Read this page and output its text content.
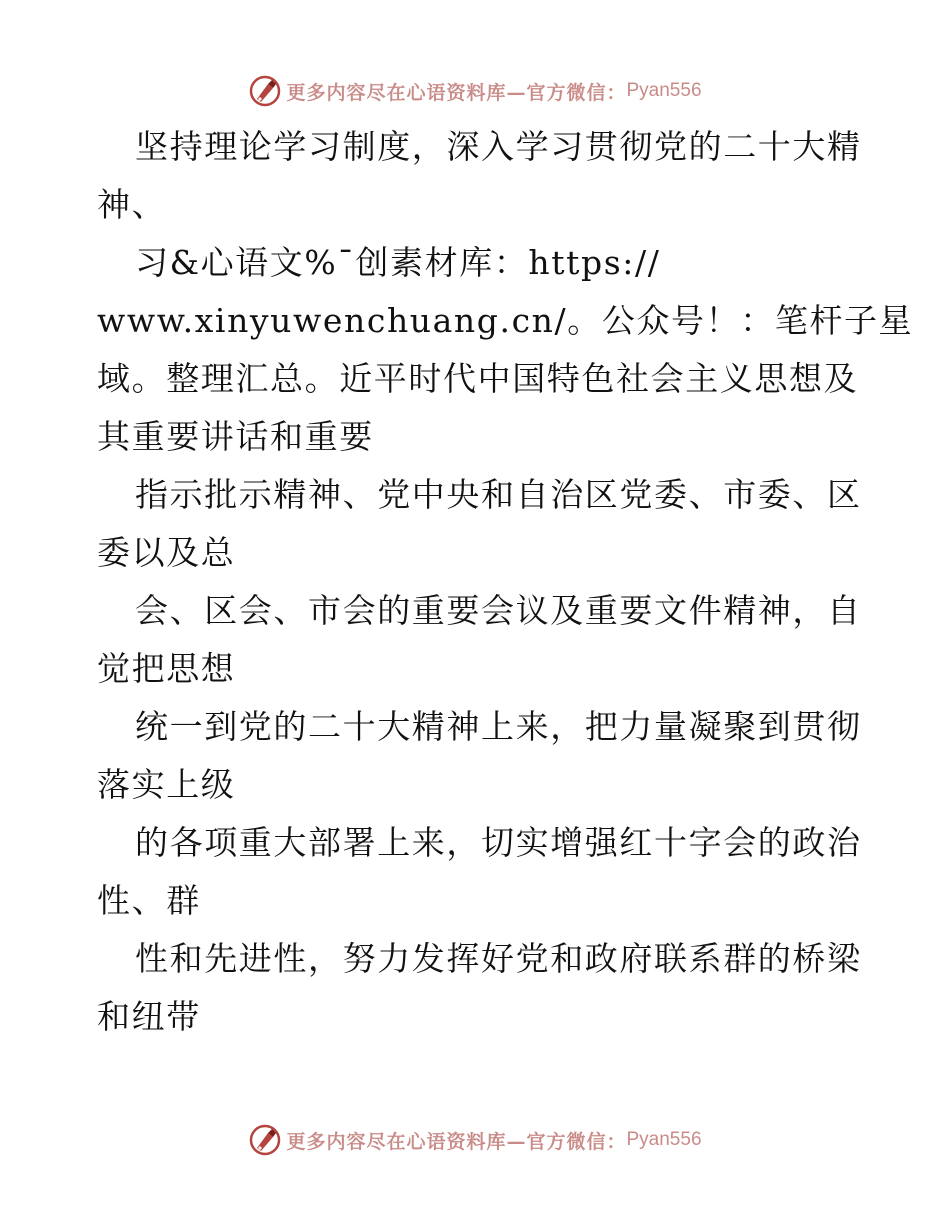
更多内容尽在心语资料库—官方微信： Pyan556
坚持理论学习制度，深入学习贯彻党的二十大精
神、
习&心语文%¯创素材库：https://
www.xinyuwenchuang.cn/。公众号！：笔杆子星
域。整理汇总。近平时代中国特色社会主义思想及
其重要讲话和重要
指示批示精神、党中央和自治区党委、市委、区
委以及总
会、区会、市会的重要会议及重要文件精神，自
觉把思想
统一到党的二十大精神上来，把力量凝聚到贯彻
落实上级
的各项重大部署上来，切实增强红十字会的政治
性、群
性和先进性，努力发挥好党和政府联系群的桥梁
和纽带
更多内容尽在心语资料库—官方微信： Pyan556
